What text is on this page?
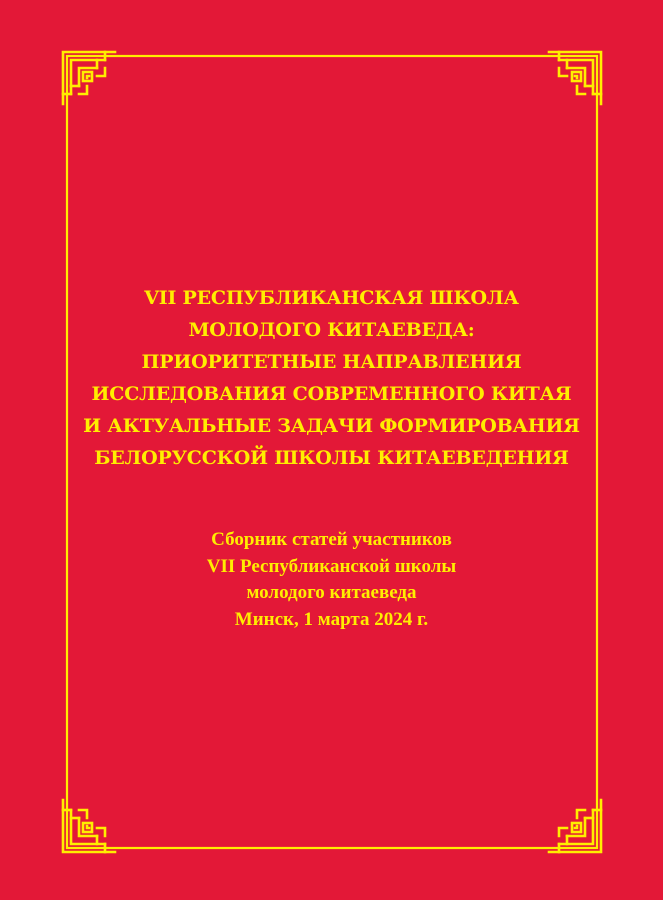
VII РЕСПУБЛИКАНСКАЯ ШКОЛА
МОЛОДОГО КИТАЕВЕДА:
ПРИОРИТЕТНЫЕ НАПРАВЛЕНИЯ
ИССЛЕДОВАНИЯ СОВРЕМЕННОГО КИТАЯ
И АКТУАЛЬНЫЕ ЗАДАЧИ ФОРМИРОВАНИЯ
БЕЛОРУССКОЙ ШКОЛЫ КИТАЕВЕДЕНИЯ
Сборник статей участников
VII Республиканской школы
молодого китаеведа
Минск, 1 марта 2024 г.
